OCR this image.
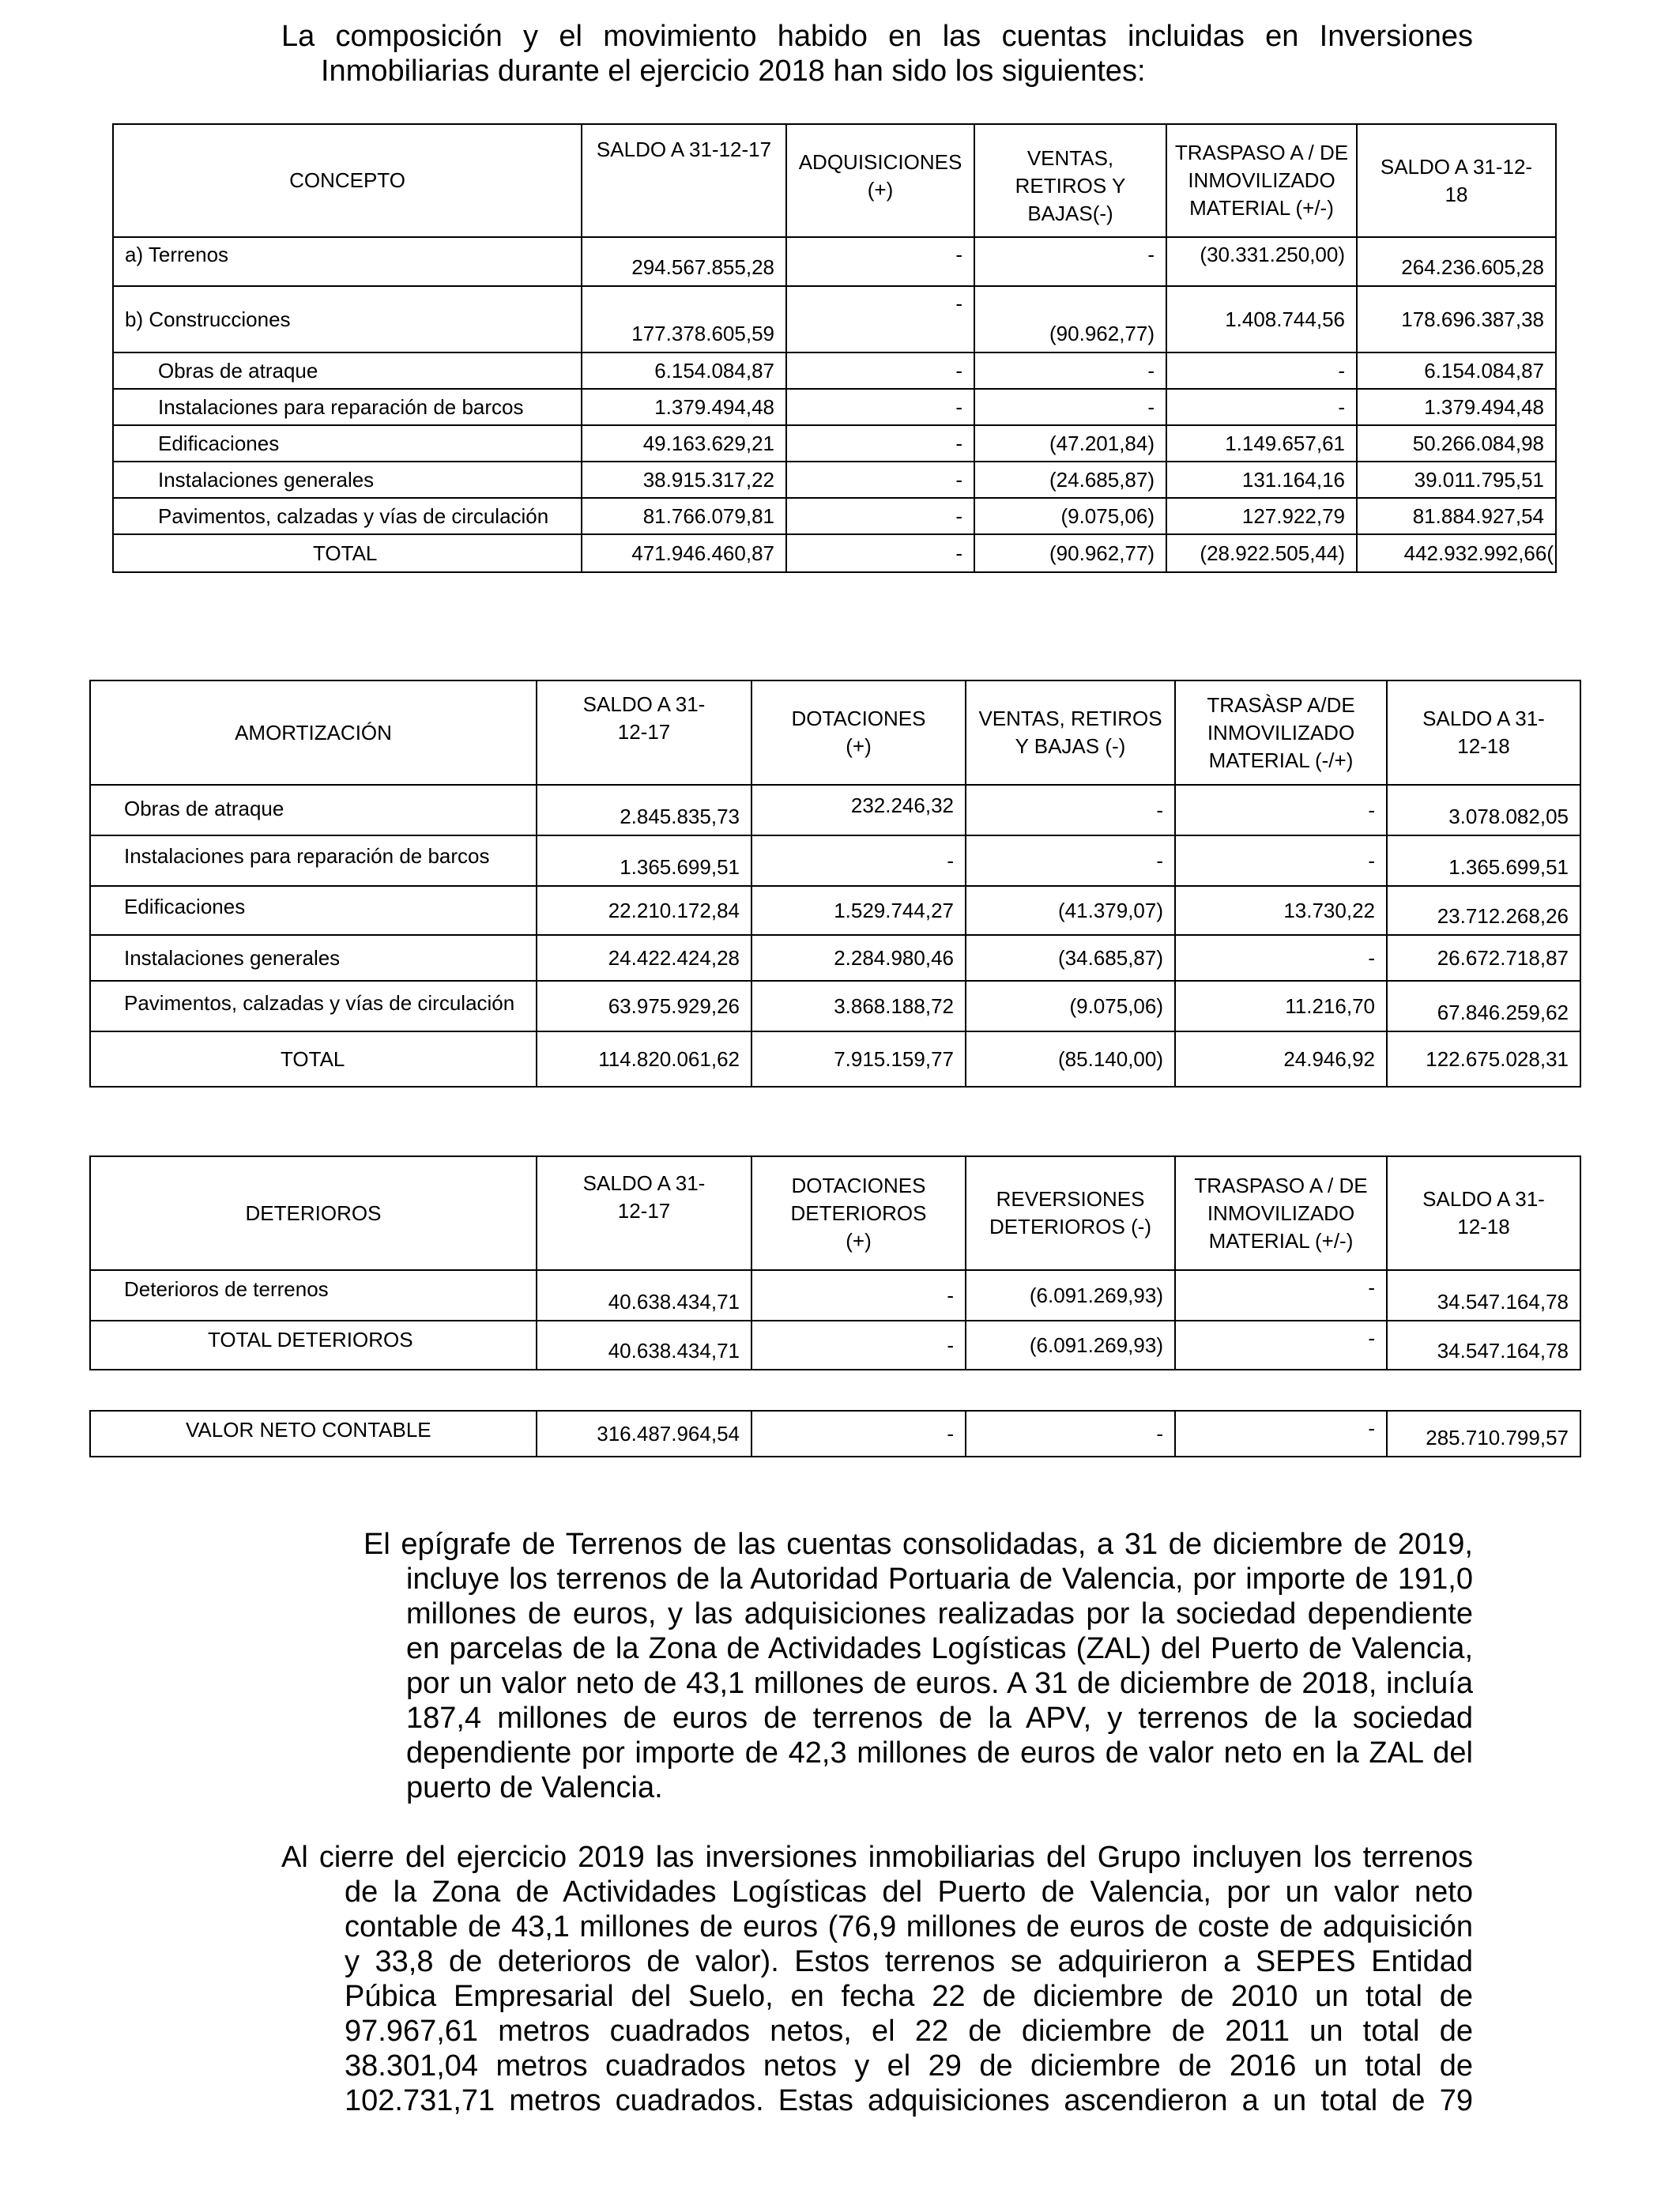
La composición y el movimiento habido en las cuentas incluidas en Inversiones
Inmobiliarias durante el ejercicio 2018 han sido los siguientes:
CONCEPTO	SALDO A 31-12-17	ADQUISICIONES (+)	VENTAS, RETIROS Y BAJAS(-)	TRASPASO A / DE INMOVILIZADO MATERIAL (+/-)	SALDO A 31-12-18
a) Terrenos	294.567.855,28	-	-	(30.331.250,00)	264.236.605,28
b) Construcciones	177.378.605,59	-	(90.962,77)	1.408.744,56	178.696.387,38
Obras de atraque	6.154.084,87	-	-	-	6.154.084,87
Instalaciones para reparación de barcos	1.379.494,48	-	-	-	1.379.494,48
Edificaciones	49.163.629,21	-	(47.201,84)	1.149.657,61	50.266.084,98
Instalaciones generales	38.915.317,22	-	(24.685,87)	131.164,16	39.011.795,51
Pavimentos, calzadas y vías de circulación	81.766.079,81	-	(9.075,06)	127.922,79	81.884.927,54
TOTAL	471.946.460,87	-	(90.962,77)	(28.922.505,44)	442.932.992,66(
AMORTIZACIÓN	SALDO A 31-12-17	DOTACIONES (+)	VENTAS, RETIROS Y BAJAS (-)	TRASÀSP A/DE INMOVILIZADO MATERIAL (-/+)	SALDO A 31-12-18
Obras de atraque	2.845.835,73	232.246,32	-	-	3.078.082,05
Instalaciones para reparación de barcos	1.365.699,51	-	-	-	1.365.699,51
Edificaciones	22.210.172,84	1.529.744,27	(41.379,07)	13.730,22	23.712.268,26
Instalaciones generales	24.422.424,28	2.284.980,46	(34.685,87)	-	26.672.718,87
Pavimentos, calzadas y vías de circulación	63.975.929,26	3.868.188,72	(9.075,06)	11.216,70	67.846.259,62
TOTAL	114.820.061,62	7.915.159,77	(85.140,00)	24.946,92	122.675.028,31
DETERIOROS	SALDO A 31-12-17	DOTACIONES DETERIOROS (+)	REVERSIONES DETERIOROS (-)	TRASPASO A / DE INMOVILIZADO MATERIAL (+/-)	SALDO A 31-12-18
Deterioros de terrenos	40.638.434,71	-	(6.091.269,93)	-	34.547.164,78
TOTAL DETERIOROS	40.638.434,71	-	(6.091.269,93)	-	34.547.164,78
VALOR NETO CONTABLE	316.487.964,54	-	-	-	285.710.799,57
El epígrafe de Terrenos de las cuentas consolidadas, a 31 de diciembre de 2019,
incluye los terrenos de la Autoridad Portuaria de Valencia, por importe de 191,0 millones de euros, y las adquisiciones realizadas por la sociedad dependiente en parcelas de la Zona de Actividades Logísticas (ZAL) del Puerto de Valencia, por un valor neto de 43,1 millones de euros. A 31 de diciembre de 2018, incluía 187,4 millones de euros de terrenos de la APV, y terrenos de la sociedad dependiente por importe de 42,3 millones de euros de valor neto en la ZAL del puerto de Valencia.
Al cierre del ejercicio 2019 las inversiones inmobiliarias del Grupo incluyen los terrenos
de la Zona de Actividades Logísticas del Puerto de Valencia, por un valor neto contable de 43,1 millones de euros (76,9 millones de euros de coste de adquisición y 33,8 de deterioros de valor). Estos terrenos se adquirieron a SEPES Entidad Púbica Empresarial del Suelo, en fecha 22 de diciembre de 2010 un total de 97.967,61 metros cuadrados netos, el 22 de diciembre de 2011 un total de 38.301,04 metros cuadrados netos y el 29 de diciembre de 2016 un total de 102.731,71 metros cuadrados. Estas adquisiciones ascendieron a un total de 79
